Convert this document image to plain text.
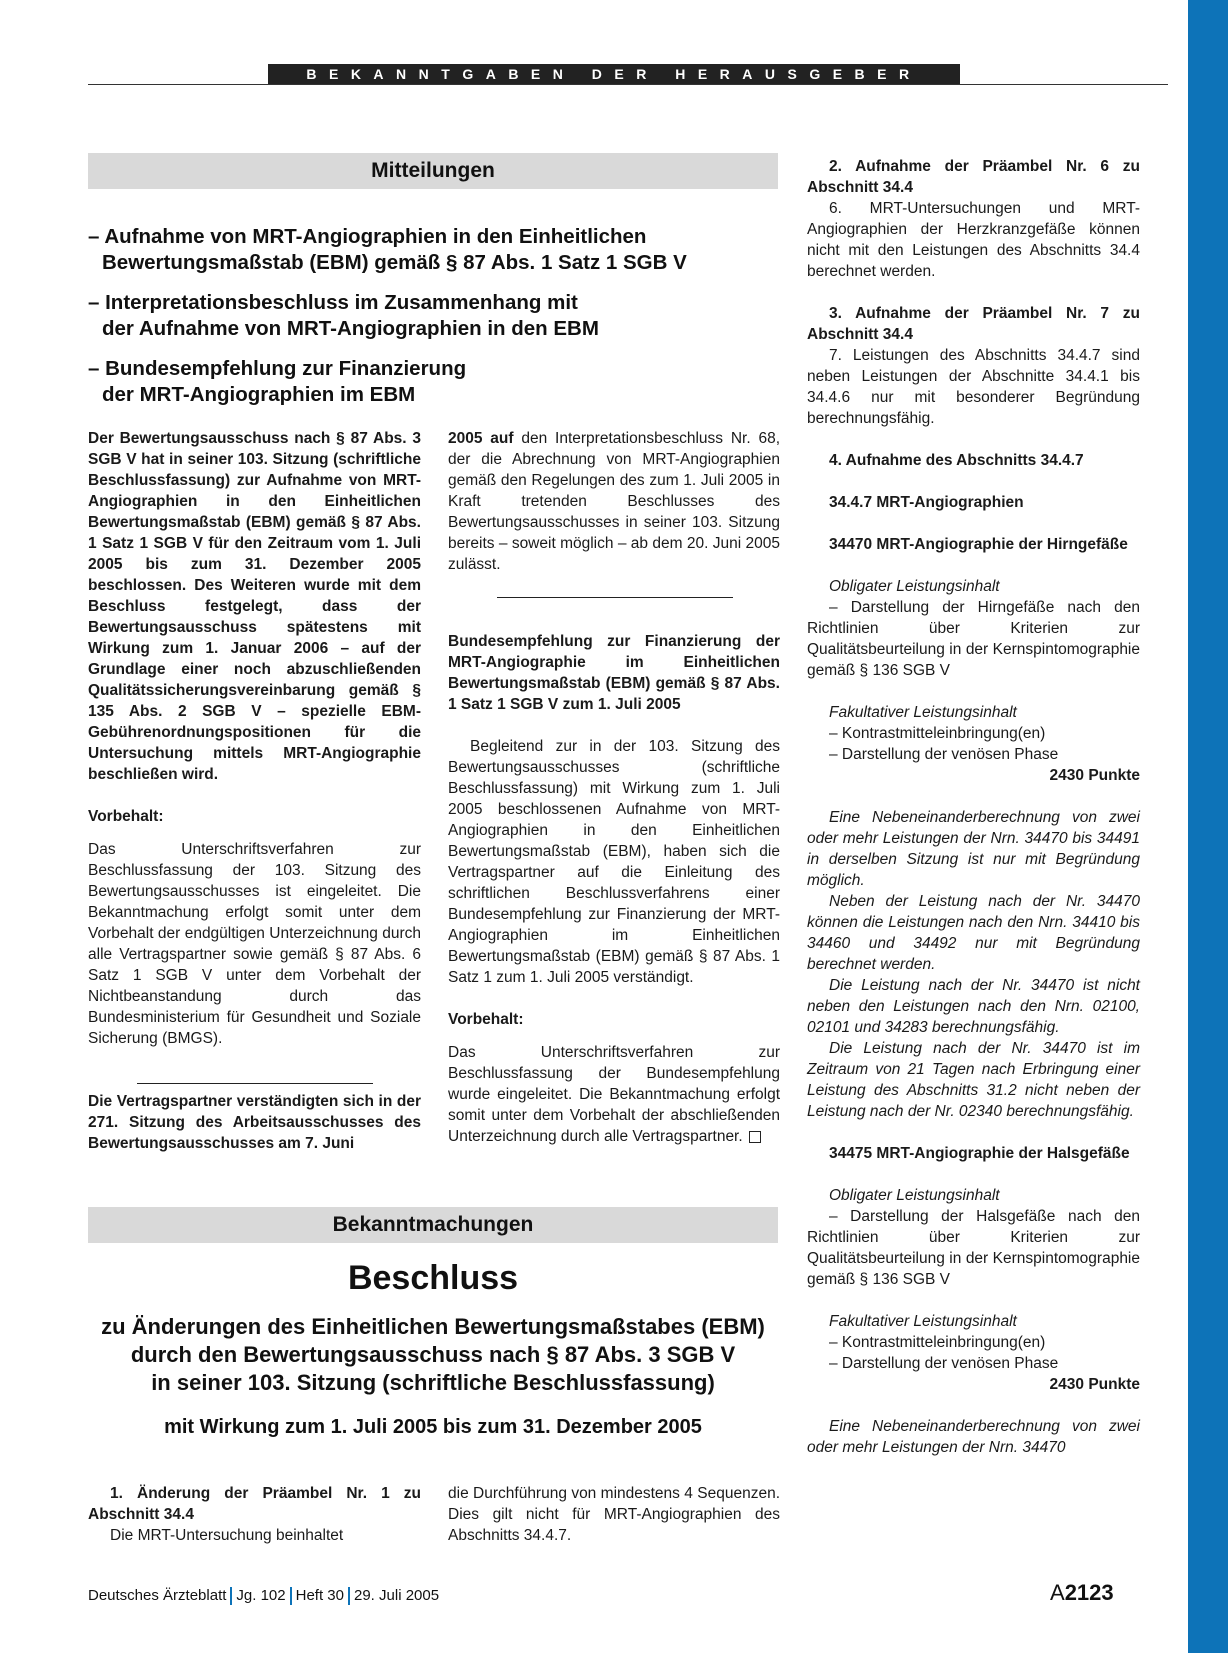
BEKANNTGABEN DER HERAUSGEBER
Mitteilungen
– Aufnahme von MRT-Angiographien in den Einheitlichen
Bewertungsmaßstab (EBM) gemäß § 87 Abs. 1 Satz 1 SGB V
– Interpretationsbeschluss im Zusammenhang mit
der Aufnahme von MRT-Angiographien in den EBM
– Bundesempfehlung zur Finanzierung
der MRT-Angiographien im EBM

Der Bewertungsausschuss nach § 87 Abs. 3 SGB V hat in seiner 103. Sitzung (schriftliche Beschlussfassung) zur Aufnahme von MRT-Angiographien in den Einheitlichen Bewertungsmaßstab (EBM) gemäß § 87 Abs. 1 Satz 1 SGB V für den Zeitraum vom 1. Juli 2005 bis zum 31. Dezember 2005 beschlossen. Des Weiteren wurde mit dem Beschluss festgelegt, dass der Bewertungsausschuss spätestens mit Wirkung zum 1. Januar 2006 – auf der Grundlage einer noch abzuschließenden Qualitätssicherungsvereinbarung gemäß § 135 Abs. 2 SGB V – spezielle EBM-Gebührenordnungspositionen für die Untersuchung mittels MRT-Angiographie beschließen wird.

Vorbehalt:

Das Unterschriftsverfahren zur Beschlussfassung der 103. Sitzung des Bewertungsausschusses ist eingeleitet. Die Bekanntmachung erfolgt somit unter dem Vorbehalt der endgültigen Unterzeichnung durch alle Vertragspartner sowie gemäß § 87 Abs. 6 Satz 1 SGB V unter dem Vorbehalt der Nichtbeanstandung durch das Bundesministerium für Gesundheit und Soziale Sicherung (BMGS).

Die Vertragspartner verständigten sich in der 271. Sitzung des Arbeitsausschusses des Bewertungsausschusses am 7. Juni

2005 auf den Interpretationsbeschluss Nr. 68, der die Abrechnung von MRT-Angiographien gemäß den Regelungen des zum 1. Juli 2005 in Kraft tretenden Beschlusses des Bewertungsausschusses in seiner 103. Sitzung bereits – soweit möglich – ab dem 20. Juni 2005 zulässt.

Bundesempfehlung zur Finanzierung der MRT-Angiographie im Einheitlichen Bewertungsmaßstab (EBM) gemäß § 87 Abs. 1 Satz 1 SGB V zum 1. Juli 2005

Begleitend zur in der 103. Sitzung des Bewertungsausschusses (schriftliche Beschlussfassung) mit Wirkung zum 1. Juli 2005 beschlossenen Aufnahme von MRT-Angiographien in den Einheitlichen Bewertungsmaßstab (EBM), haben sich die Vertragspartner auf die Einleitung des schriftlichen Beschlussverfahrens einer Bundesempfehlung zur Finanzierung der MRT-Angiographien im Einheitlichen Bewertungsmaßstab (EBM) gemäß § 87 Abs. 1 Satz 1 zum 1. Juli 2005 verständigt.

Vorbehalt:

Das Unterschriftsverfahren zur Beschlussfassung der Bundesempfehlung wurde eingeleitet. Die Bekanntmachung erfolgt somit unter dem Vorbehalt der abschließenden Unterzeichnung durch alle Vertragspartner.

Bekanntmachungen
Beschluss
zu Änderungen des Einheitlichen Bewertungsmaßstabes (EBM)
durch den Bewertungsausschuss nach § 87 Abs. 3 SGB V
in seiner 103. Sitzung (schriftliche Beschlussfassung)
mit Wirkung zum 1. Juli 2005 bis zum 31. Dezember 2005

1. Änderung der Präambel Nr. 1 zu Abschnitt 34.4

Die MRT-Untersuchung beinhaltet

die Durchführung von mindestens 4 Sequenzen. Dies gilt nicht für MRT-Angiographien des Abschnitts 34.4.7.

2. Aufnahme der Präambel Nr. 6 zu Abschnitt 34.4

6. MRT-Untersuchungen und MRT-Angiographien der Herzkranzgefäße können nicht mit den Leistungen des Abschnitts 34.4 berechnet werden.

3. Aufnahme der Präambel Nr. 7 zu Abschnitt 34.4

7. Leistungen des Abschnitts 34.4.7 sind neben Leistungen der Abschnitte 34.4.1 bis 34.4.6 nur mit besonderer Begründung berechnungsfähig.

4. Aufnahme des Abschnitts 34.4.7

34.4.7 MRT-Angiographien

34470 MRT-Angiographie der Hirngefäße

Obligater Leistungsinhalt

– Darstellung der Hirngefäße nach den Richtlinien über Kriterien zur Qualitätsbeurteilung in der Kernspintomographie gemäß § 136 SGB V

Fakultativer Leistungsinhalt

– Kontrastmitteleinbringung(en)

– Darstellung der venösen Phase

2430 Punkte

Eine Nebeneinanderberechnung von zwei oder mehr Leistungen der Nrn. 34470 bis 34491 in derselben Sitzung ist nur mit Begründung möglich.

Neben der Leistung nach der Nr. 34470 können die Leistungen nach den Nrn. 34410 bis 34460 und 34492 nur mit Begründung berechnet werden.

Die Leistung nach der Nr. 34470 ist nicht neben den Leistungen nach den Nrn. 02100, 02101 und 34283 berechnungsfähig.

Die Leistung nach der Nr. 34470 ist im Zeitraum von 21 Tagen nach Erbringung einer Leistung des Abschnitts 31.2 nicht neben der Leistung nach der Nr. 02340 berechnungsfähig.

34475 MRT-Angiographie der Halsgefäße

Obligater Leistungsinhalt

– Darstellung der Halsgefäße nach den Richtlinien über Kriterien zur Qualitätsbeurteilung in der Kernspintomographie gemäß § 136 SGB V

Fakultativer Leistungsinhalt

– Kontrastmitteleinbringung(en)

– Darstellung der venösen Phase

2430 Punkte

Eine Nebeneinanderberechnung von zwei oder mehr Leistungen der Nrn. 34470

Deutsches Ärzteblatt Jg. 102 Heft 30 29. Juli 2005	A2123
